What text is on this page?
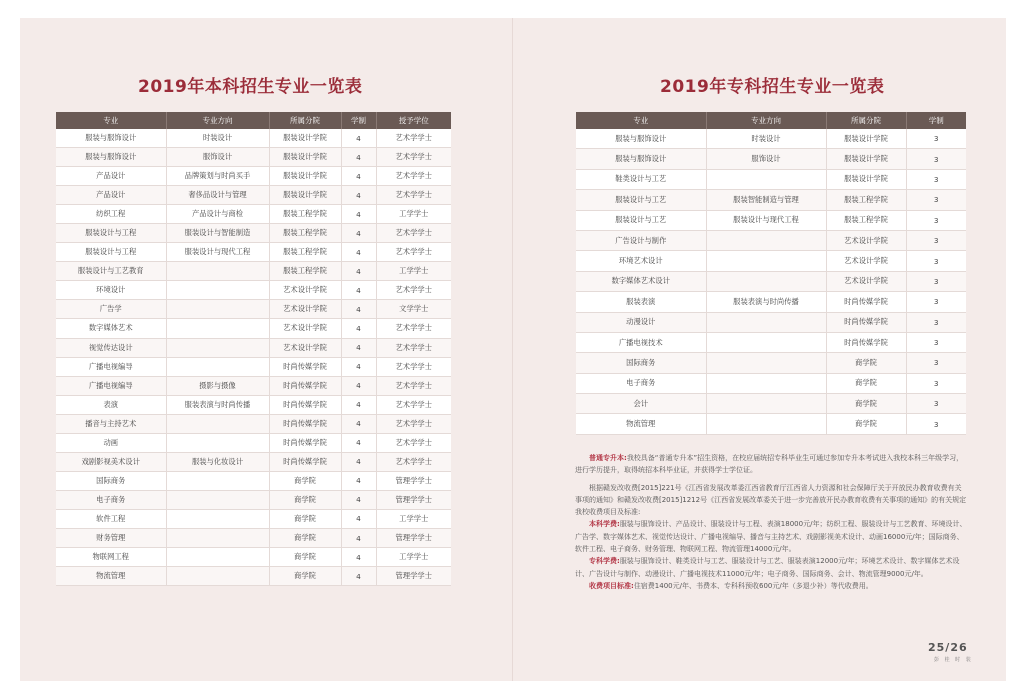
2019年本科招生专业一览表	2019年专科招生专业一览表
专业	专业方向	所属分院	学制	授予学位
服装与服饰设计	时装设计	服装设计学院	4	艺术学学士
服装与服饰设计	服饰设计	服装设计学院	4	艺术学学士
产品设计	品牌策划与时尚买手	服装设计学院	4	艺术学学士
产品设计	奢侈品设计与管理	服装设计学院	4	艺术学学士
纺织工程	产品设计与商检	服装工程学院	4	工学学士
服装设计与工程	服装设计与智能制造	服装工程学院	4	艺术学学士
服装设计与工程	服装设计与现代工程	服装工程学院	4	艺术学学士
服装设计与工艺教育		服装工程学院	4	工学学士
环境设计		艺术设计学院	4	艺术学学士
广告学		艺术设计学院	4	文学学士
数字媒体艺术		艺术设计学院	4	艺术学学士
视觉传达设计		艺术设计学院	4	艺术学学士
广播电视编导		时尚传媒学院	4	艺术学学士
广播电视编导	摄影与摄像	时尚传媒学院	4	艺术学学士
表演	服装表演与时尚传播	时尚传媒学院	4	艺术学学士
播音与主持艺术		时尚传媒学院	4	艺术学学士
动画		时尚传媒学院	4	艺术学学士
戏剧影视美术设计	服装与化妆设计	时尚传媒学院	4	艺术学学士
国际商务		商学院	4	管理学学士
电子商务		商学院	4	管理学学士
软件工程		商学院	4	工学学士
财务管理		商学院	4	管理学学士
物联网工程		商学院	4	工学学士
物流管理		商学院	4	管理学学士
专业	专业方向	所属分院	学制
服装与服饰设计	时装设计	服装设计学院	3
服装与服饰设计	服饰设计	服装设计学院	3
鞋类设计与工艺		服装设计学院	3
服装设计与工艺	服装智能制造与管理	服装工程学院	3
服装设计与工艺	服装设计与现代工程	服装工程学院	3
广告设计与制作		艺术设计学院	3
环境艺术设计		艺术设计学院	3
数字媒体艺术设计		艺术设计学院	3
服装表演	服装表演与时尚传播	时尚传媒学院	3
动漫设计		时尚传媒学院	3
广播电视技术		时尚传媒学院	3
国际商务		商学院	3
电子商务		商学院	3
会计		商学院	3
物流管理		商学院	3

普通专升本:我校具备“普通专升本”招生资格，在校应届统招专科毕业生可通过参加专升本考试进入我校本科三年级学习，进行学历提升，取得统招本科毕业证，并获得学士学位证。

根据赣发改收费[2015]221号《江西省发展改革委江西省教育厅江西省人力资源和社会保障厅关于开放民办教育收费有关事项的通知》和赣发改收费[2015]1212号《江西省发展改革委关于进一步完善放开民办教育收费有关事项的通知》的有关规定我校收费项目及标准:

本科学费:服装与服饰设计、产品设计、服装设计与工程、表演18000元/年；纺织工程、服装设计与工艺教育、环境设计、广告学、数字媒体艺术、视觉传达设计、广播电视编导、播音与主持艺术、戏剧影视美术设计、动画16000元/年；国际商务、软件工程、电子商务、财务管理、物联网工程、物流管理14000元/年。

专科学费:服装与服饰设计、鞋类设计与工艺、服装设计与工艺、服装表演12000元/年；环境艺术设计、数字媒体艺术设计、广告设计与制作、动漫设计、广播电视技术11000元/年；电子商务、国际商务、会计、物流管理9000元/年。

收费项目标准:住宿费1400元/年、书费本、专科科预收600元/年（多退少补）等代收费用。

25/26
彭 桂 时 装
